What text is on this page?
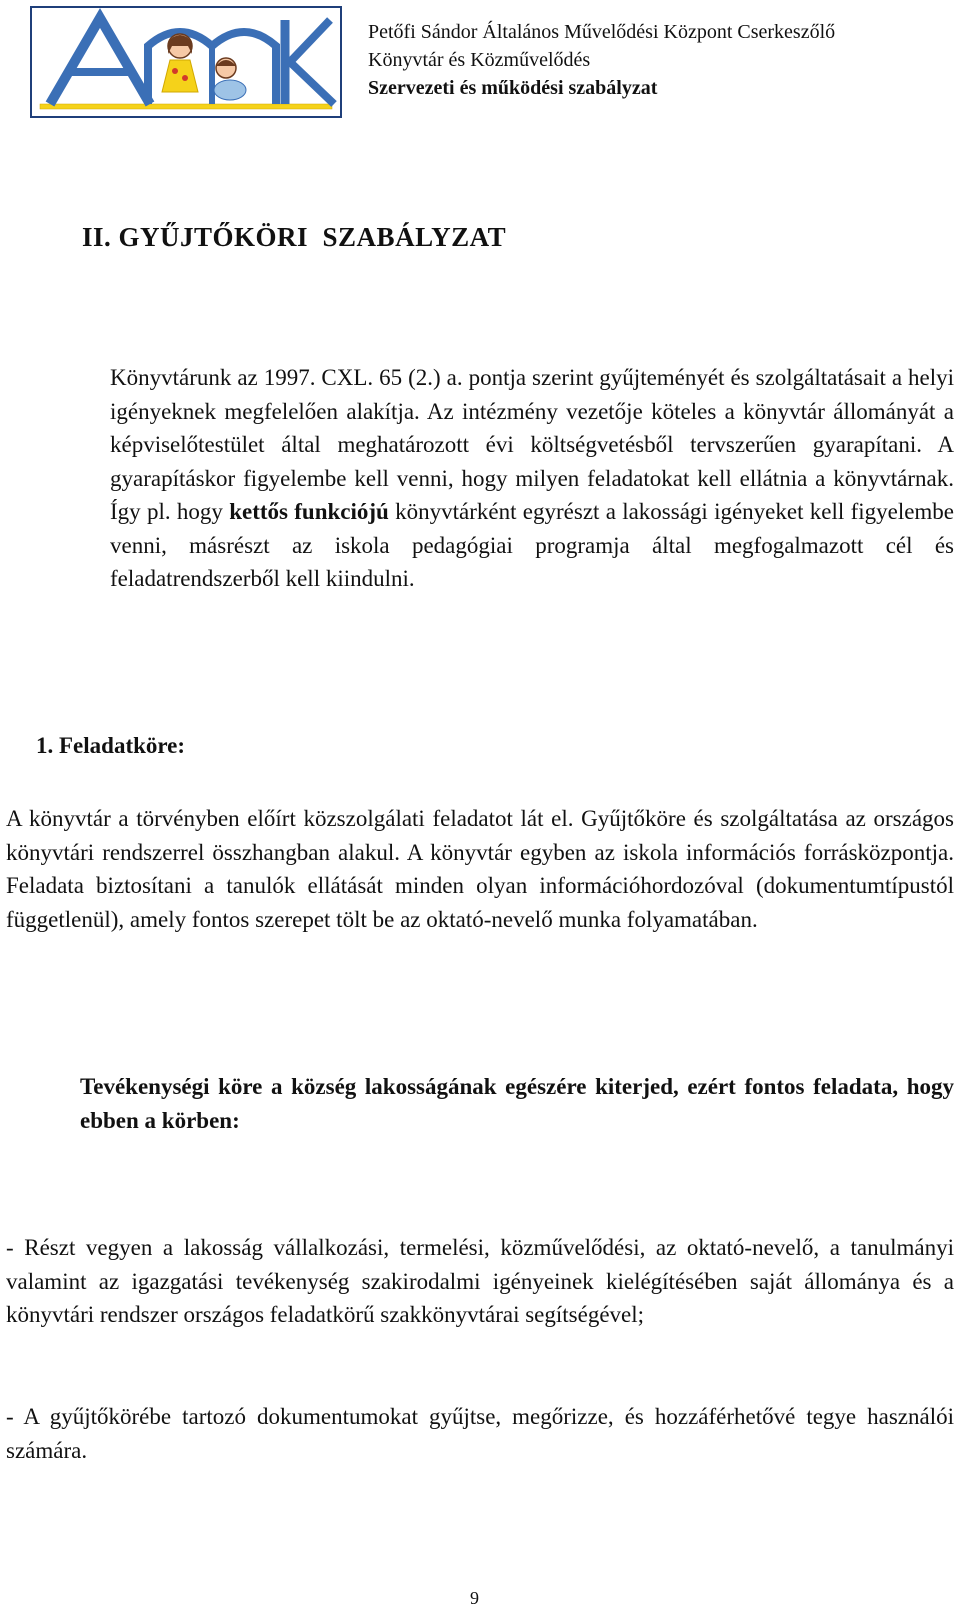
Petőfi Sándor Általános Művelődési Központ Cserkeszőlő
Könyvtár és Közművelődés
Szervezeti és működési szabályzat
II. GYŰJTŐKÖRI  SZABÁLYZAT
Könyvtárunk az 1997. CXL. 65 (2.) a. pontja szerint gyűjteményét és szolgáltatásait a helyi igényeknek megfelelően alakítja. Az intézmény vezetője köteles a könyvtár állományát a képviselőtestület által meghatározott évi költségvetésből tervszerűen gyarapítani. A gyarapításkor figyelembe kell venni, hogy milyen feladatokat kell ellátnia a könyvtárnak. Így pl. hogy kettős funkciójú könyvtárként egyrészt a lakossági igényeket kell figyelembe venni, másrészt az iskola pedagógiai programja által megfogalmazott cél és feladatrendszerből kell kiindulni.
1. Feladatköre:
A könyvtár a törvényben előírt közszolgálati feladatot lát el. Gyűjtőköre és szolgáltatása az országos könyvtári rendszerrel összhangban alakul. A könyvtár egyben az iskola információs forrásközpontja. Feladata biztosítani a tanulók ellátását minden olyan információhordozóval (dokumentumtípustól függetlenül), amely fontos szerepet tölt be az oktató-nevelő munka folyamatában.
Tevékenységi köre a község lakosságának egészére kiterjed, ezért fontos feladata, hogy ebben a körben:
- Részt vegyen a lakosság vállalkozási, termelési, közművelődési, az oktató-nevelő, a tanulmányi valamint az igazgatási tevékenység szakirodalmi igényeinek kielégítésében saját állománya és a könyvtári rendszer országos feladatkörű szakkönyvtárai segítségével;
- A gyűjtőkörébe tartozó dokumentumokat gyűjtse, megőrizze, és hozzáférhetővé tegye használói számára.
9
